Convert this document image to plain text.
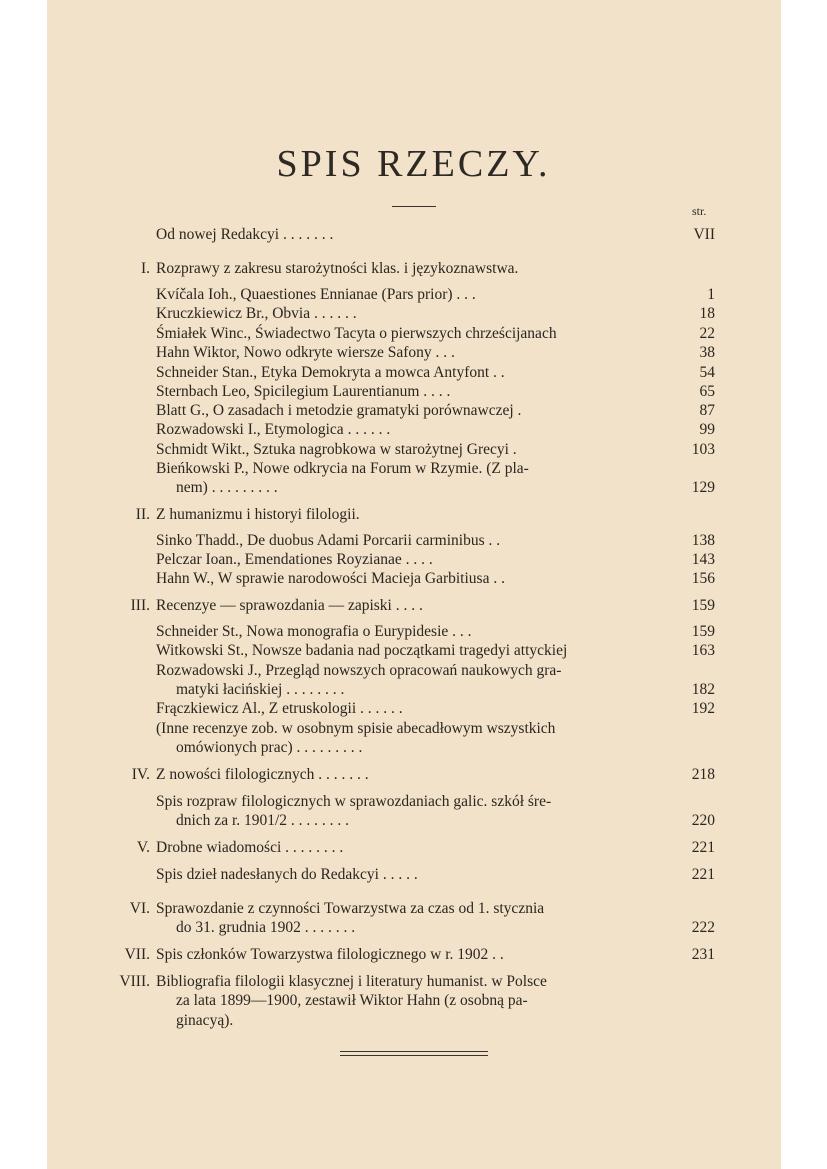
SPIS RZECZY.
str.
Od nowej Redakcyi . . . . . . .	VII
I. Rozprawy z zakresu starożytności klas. i językoznawstwa.
Kvíčala Ioh., Quaestiones Ennianae (Pars prior) . . .	1
Kruczkiewicz Br., Obvia . . . . . .	18
Śmiałek Winc., Świadectwo Tacyta o pierwszych chrześcijanach	22
Hahn Wiktor, Nowo odkryte wiersze Safony . . .	38
Schneider Stan., Etyka Demokryta a mowca Antyfont . .	54
Sternbach Leo, Spicilegium Laurentianum . . . .	65
Blatt G., O zasadach i metodzie gramatyki porównawczej .	87
Rozwadowski I., Etymologica . . . . . .	99
Schmidt Wikt., Sztuka nagrobkowa w starożytnej Grecyi .	103
Bieńkowski P., Nowe odkrycia na Forum w Rzymie. (Z pla-
nem) . . . . . . . . .	129
II. Z humanizmu i historyi filologii.
Sinko Thadd., De duobus Adami Porcarii carminibus . .	138
Pelczar Ioan., Emendationes Royzianae . . . .	143
Hahn W., W sprawie narodowości Macieja Garbitiusa . .	156
III. Recenzye — sprawozdania — zapiski . . . .	159
Schneider St., Nowa monografia o Eurypidesie . . .	159
Witkowski St., Nowsze badania nad początkami tragedyi attyckiej	163
Rozwadowski J., Przegląd nowszych opracowań naukowych gra-
matyki łacińskiej . . . . . . . .	182
Frączkiewicz Al., Z etruskologii . . . . . .	192
(Inne recenzye zob. w osobnym spisie abecadłowym wszystkich
omówionych prac) . . . . . . . . .
IV. Z nowości filologicznych . . . . . . .	218
Spis rozpraw filologicznych w sprawozdaniach galic. szkół śre-
dnich za r. 1901/2 . . . . . . . .	220
V. Drobne wiadomości . . . . . . . .	221
Spis dzieł nadesłanych do Redakcyi . . . . .	221
VI. Sprawozdanie z czynności Towarzystwa za czas od 1. stycznia
do 31. grudnia 1902 . . . . . . .	222
VII. Spis członków Towarzystwa filologicznego w r. 1902 . .	231
VIII. Bibliografia filologii klasycznej i literatury humanist. w Polsce
za lata 1899—1900, zestawił Wiktor Hahn (z osobną pa-
ginacyą).
